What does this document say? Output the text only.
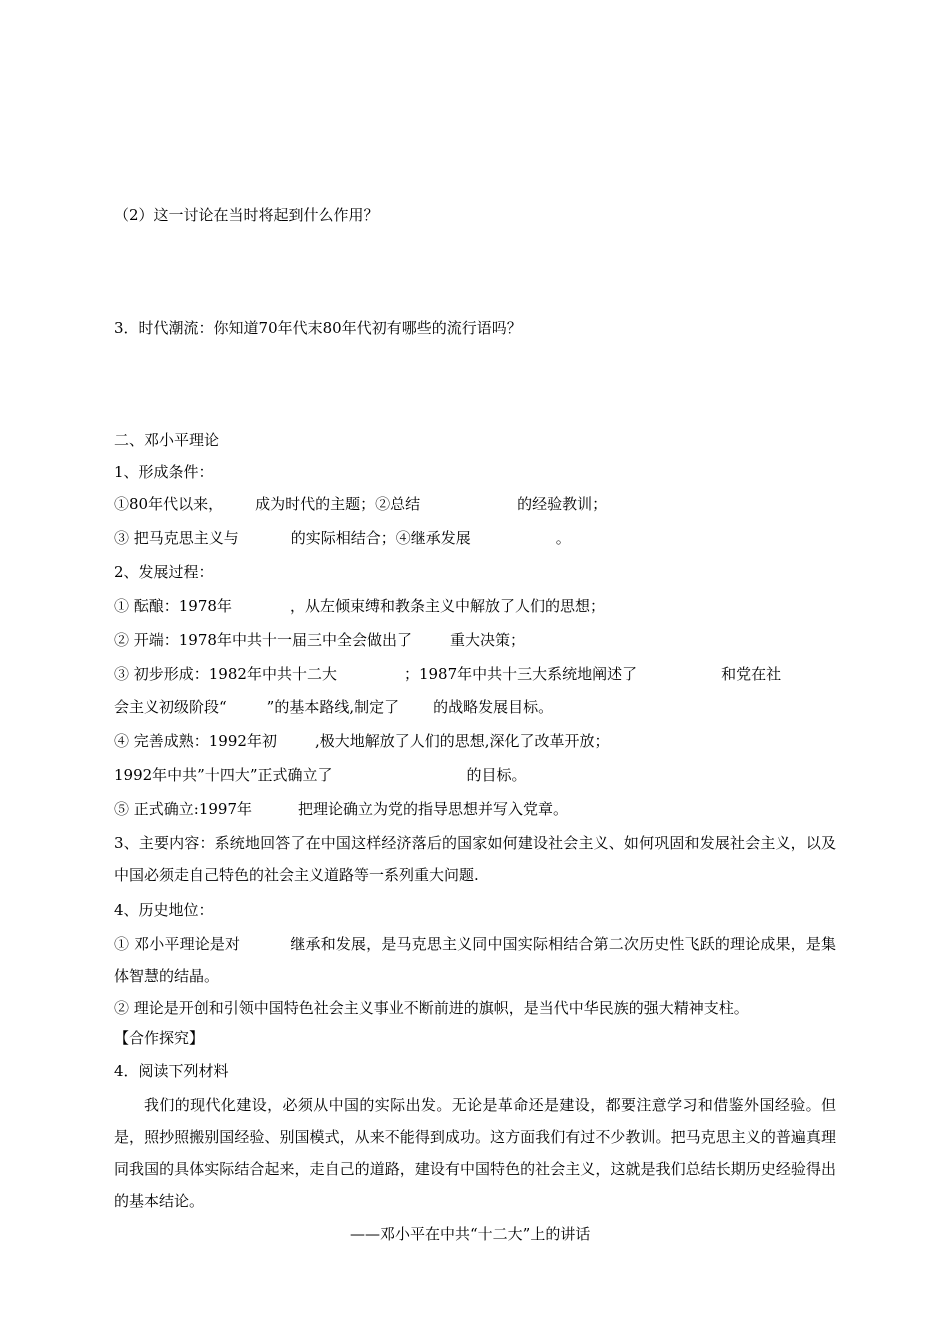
（2）这一讨论在当时将起到什么作用？
3．时代潮流：你知道70年代末80年代初有哪些的流行语吗？
二、邓小平理论
1、形成条件：
①80年代以来， 成为时代的主题；②总结	的经验教训；
③ 把马克思主义与	的实际相结合；④继承发展	。
2、发展过程：
① 酝酿：1978年	，从左倾束缚和教条主义中解放了人们的思想；
② 开端：1978年中共十一届三中全会做出了	重大决策；
③ 初步形成：1982年中共十二大	；1987年中共十三大系统地阐述了	和党在社
会主义初级阶段“	”的基本路线,制定了 的战略发展目标。
④ 完善成熟：1992年初	,极大地解放了人们的思想,深化了改革开放；
1992年中共”十四大”正式确立了	的目标。
⑤ 正式确立:1997年	把理论确立为党的指导思想并写入党章。

3、主要内容：系统地回答了在中国这样经济落后的国家如何建设社会主义、如何巩固和发展社会主义，以及中国必须走自己特色的社会主义道路等一系列重大问题.

4、历史地位：

① 邓小平理论是对	继承和发展，是马克思主义同中国实际相结合第二次历史性飞跃的理论成果，是集体智慧的结晶。

② 理论是开创和引领中国特色社会主义事业不断前进的旗帜，是当代中华民族的强大精神支柱。
【合作探究】
4．阅读下列材料

我们的现代化建设，必须从中国的实际出发。无论是革命还是建设，都要注意学习和借鉴外国经验。但是，照抄照搬别国经验、别国模式，从来不能得到成功。这方面我们有过不少教训。把马克思主义的普遍真理同我国的具体实际结合起来，走自己的道路，建设有中国特色的社会主义，这就是我们总结长期历史经验得出的基本结论。

——邓小平在中共“十二大”上的讲话
